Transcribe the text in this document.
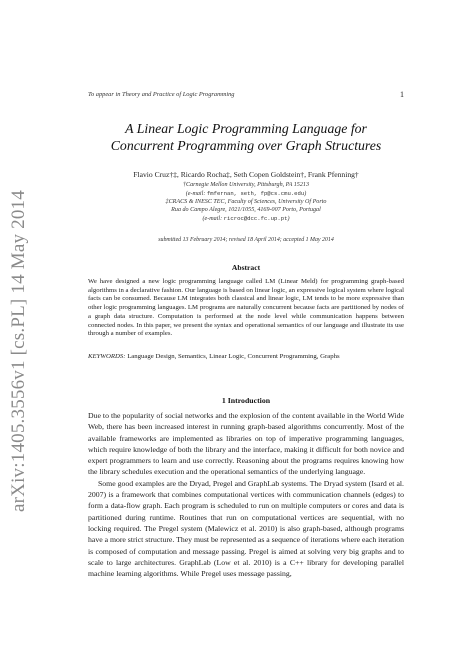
arXiv:1405.3556v1 [cs.PL] 14 May 2014
To appear in Theory and Practice of Logic Programming	1
A Linear Logic Programming Language for
Concurrent Programming over Graph Structures
Flavio Cruz†‡, Ricardo Rocha‡, Seth Copen Goldstein†, Frank Pfenning†
†Carnegie Mellon University, Pittsburgh, PA 15213
(e-mail: fmfernan, seth, fp@cs.cmu.edu)
‡CRACS & INESC TEC, Faculty of Sciences, University Of Porto
Rua do Campo Alegre, 1021/1055, 4169-007 Porto, Portugal
(e-mail: ricroc@dcc.fc.up.pt)
submitted 13 February 2014; revised 18 April 2014; accepted 1 May 2014
Abstract
We have designed a new logic programming language called LM (Linear Meld) for programming graph-based algorithms in a declarative fashion. Our language is based on linear logic, an expressive logical system where logical facts can be consumed. Because LM integrates both classical and linear logic, LM tends to be more expressive than other logic programming languages. LM programs are naturally concurrent because facts are partitioned by nodes of a graph data structure. Computation is performed at the node level while communication happens between connected nodes. In this paper, we present the syntax and operational semantics of our language and illustrate its use through a number of examples.
KEYWORDS: Language Design, Semantics, Linear Logic, Concurrent Programming, Graphs
1 Introduction

Due to the popularity of social networks and the explosion of the content available in the World Wide Web, there has been increased interest in running graph-based algorithms concurrently. Most of the available frameworks are implemented as libraries on top of imperative programming languages, which require knowledge of both the library and the interface, making it difficult for both novice and expert programmers to learn and use correctly. Reasoning about the programs requires knowing how the library schedules execution and the operational semantics of the underlying language.

Some good examples are the Dryad, Pregel and GraphLab systems. The Dryad system (Isard et al. 2007) is a framework that combines computational vertices with communication channels (edges) to form a data-flow graph. Each program is scheduled to run on multiple computers or cores and data is partitioned during runtime. Routines that run on computational vertices are sequential, with no locking required. The Pregel system (Malewicz et al. 2010) is also graph-based, although programs have a more strict structure. They must be represented as a sequence of iterations where each iteration is composed of computation and message passing. Pregel is aimed at solving very big graphs and to scale to large architectures. GraphLab (Low et al. 2010) is a C++ library for developing parallel machine learning algorithms. While Pregel uses message passing,
